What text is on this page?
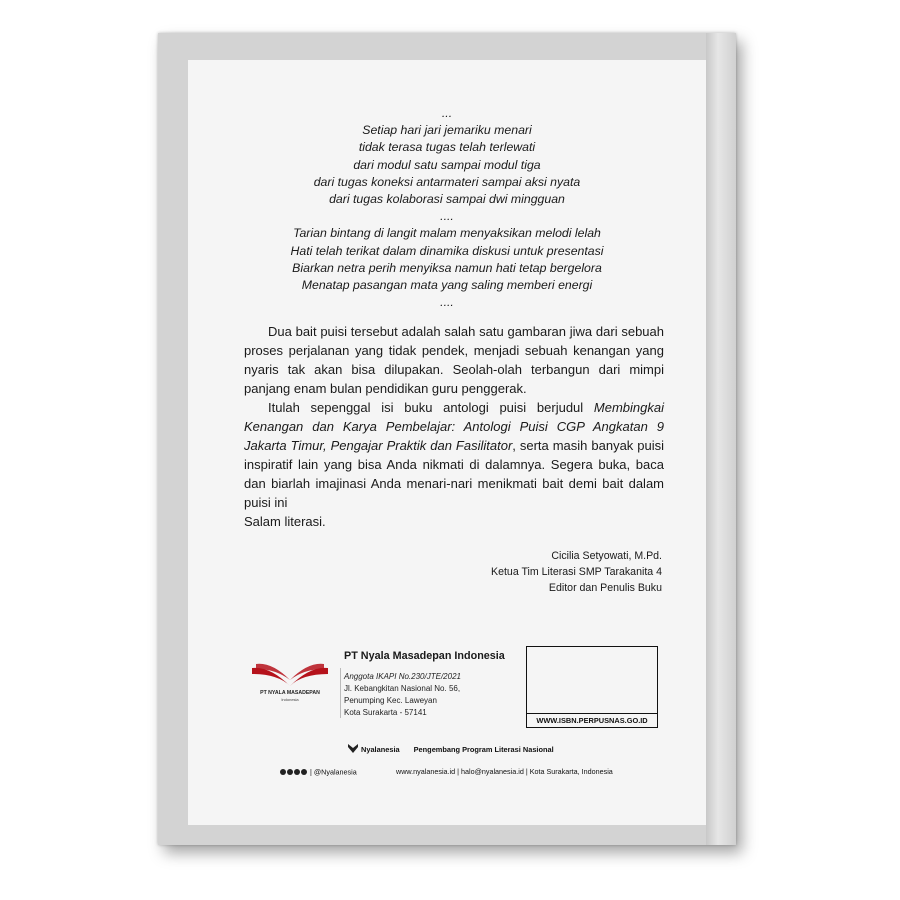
...
Setiap hari jari jemariku menari
tidak terasa tugas telah terlewati
dari modul satu sampai modul tiga
dari tugas koneksi antarmateri sampai aksi nyata
dari tugas kolaborasi sampai dwi mingguan
....
Tarian bintang di langit malam menyaksikan melodi lelah
Hati telah terikat dalam dinamika diskusi untuk presentasi
Biarkan netra perih menyiksa namun hati tetap bergelora
Menatap pasangan mata yang saling memberi energi
....

Dua bait puisi tersebut adalah salah satu gambaran jiwa dari sebuah proses perjalanan yang tidak pendek, menjadi sebuah kenangan yang nyaris tak akan bisa dilupakan. Seolah-olah terbangun dari mimpi panjang enam bulan pendidikan guru penggerak.

Itulah sepenggal isi buku antologi puisi berjudul Membingkai Kenangan dan Karya Pembelajar: Antologi Puisi CGP Angkatan 9 Jakarta Timur, Pengajar Praktik dan Fasilitator, serta masih banyak puisi inspiratif lain yang bisa Anda nikmati di dalamnya. Segera buka, baca dan biarlah imajinasi Anda menari-nari menikmati bait demi bait dalam puisi ini

Salam literasi.

Cicilia Setyowati, M.Pd.
Ketua Tim Literasi SMP Tarakanita 4
Editor dan Penulis Buku
PT NYALA MASADEPAN
Indonesia
PT Nyala Masadepan Indonesia
Anggota IKAPI No.230/JTE/2021
Jl. Kebangkitan Nasional No. 56,
Penumping Kec. Laweyan
Kota Surakarta - 57141
WWW.ISBN.PERPUSNAS.GO.ID
Nyalanesia Pengembang Program Literasi Nasional
| @Nyalanesia	www.nyalanesia.id | halo@nyalanesia.id | Kota Surakarta, Indonesia
